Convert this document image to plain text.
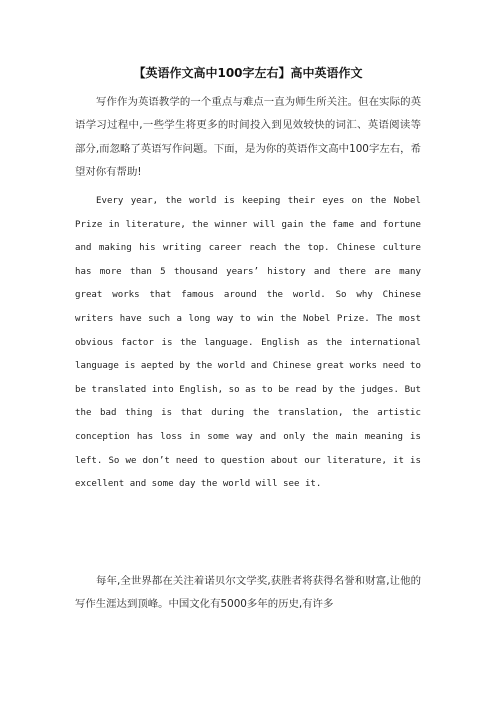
【英语作文高中100字左右】高中英语作文

写作作为英语教学的一个重点与难点一直为师生所关注。但在实际的英语学习过程中,一些学生将更多的时间投入到见效较快的词汇、英语阅读等部分,而忽略了英语写作问题。下面，是为你的英语作文高中100字左右，希望对你有帮助!

Every year, the world is keeping their eyes on the Nobel Prize in literature, the winner will gain the fame and fortune and making his writing career reach the top. Chinese culture has more than 5 thousand years’ history and there are many great works that famous around the world. So why Chinese writers have such a long way to win the Nobel Prize. The most obvious factor is the language. English as the international language is aepted by the world and Chinese great works need to be translated into English, so as to be read by the judges. But the bad thing is that during the translation, the artistic conception has loss in some way and only the main meaning is left. So we don’t need to question about our literature, it is excellent and some day the world will see it.

每年,全世界都在关注着诺贝尔文学奖,获胜者将获得名誉和财富,让他的写作生涯达到顶峰。中国文化有5000多年的历史,有许多
